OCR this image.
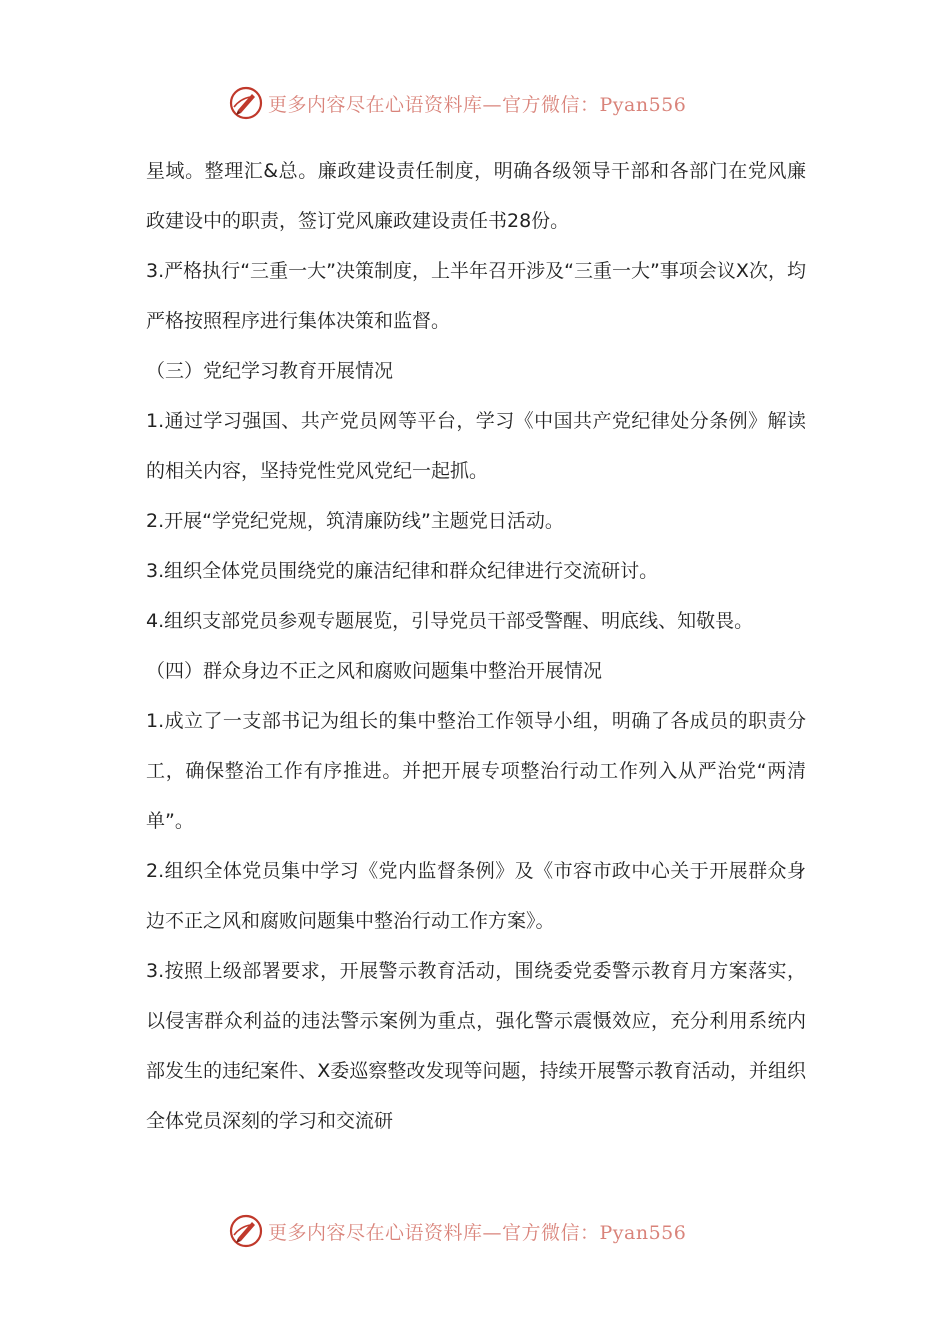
更多内容尽在心语资料库—官方微信：Pyan556

星域。整理汇&总。廉政建设责任制度，明确各级领导干部和各部门在党风廉政建设中的职责，签订党风廉政建设责任书28份。

3.严格执行“三重一大”决策制度，上半年召开涉及“三重一大”事项会议X次，均严格按照程序进行集体决策和监督。

（三）党纪学习教育开展情况

1.通过学习强国、共产党员网等平台，学习《中国共产党纪律处分条例》解读的相关内容，坚持党性党风党纪一起抓。

2.开展“学党纪党规，筑清廉防线”主题党日活动。

3.组织全体党员围绕党的廉洁纪律和群众纪律进行交流研讨。

4.组织支部党员参观专题展览，引导党员干部受警醒、明底线、知敬畏。

（四）群众身边不正之风和腐败问题集中整治开展情况

1.成立了一支部书记为组长的集中整治工作领导小组，明确了各成员的职责分工，确保整治工作有序推进。并把开展专项整治行动工作列入从严治党“两清单”。

2.组织全体党员集中学习《党内监督条例》及《市容市政中心关于开展群众身边不正之风和腐败问题集中整治行动工作方案》。

3.按照上级部署要求，开展警示教育活动，围绕委党委警示教育月方案落实，以侵害群众利益的违法警示案例为重点，强化警示震慑效应，充分利用系统内部发生的违纪案件、X委巡察整改发现等问题，持续开展警示教育活动，并组织全体党员深刻的学习和交流研

更多内容尽在心语资料库—官方微信：Pyan556
